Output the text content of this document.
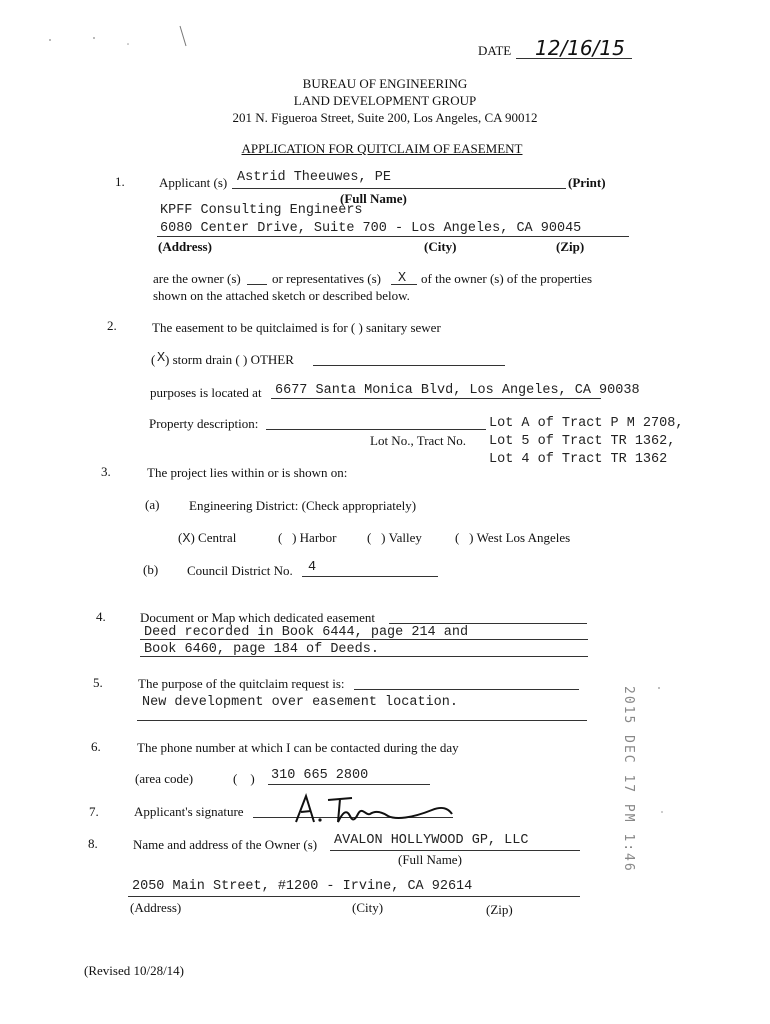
DATE 12/16/15
BUREAU OF ENGINEERING
LAND DEVELOPMENT GROUP
201 N. Figueroa Street, Suite 200, Los Angeles, CA 90012
APPLICATION FOR QUITCLAIM OF EASEMENT
1.	Applicant (s) Astrid Theeuwes, PE	(Print)
(Full Name)
KPFF Consulting Engineers
6080 Center Drive, Suite 700 - Los Angeles, CA 90045
(Address)	(City)	(Zip)
are the owner (s) or representatives (s) X of the owner (s) of the properties
shown on the attached sketch or described below.
2.	The easement to be quitclaimed is for ( ) sanitary sewer
( X ) storm drain ( ) OTHER
purposes is located at 6677 Santa Monica Blvd, Los Angeles, CA 90038
Property description:
Lot No., Tract No.
Lot A of Tract P M 2708,
Lot 5 of Tract TR 1362,
Lot 4 of Tract TR 1362
3.	The project lies within or is shown on:
(a) Engineering District: (Check appropriately)
(X) Central	(   ) Harbor (   ) Valley	(   ) West Los Angeles
(b) Council District No. 4
4.	Document or Map which dedicated easement
Deed recorded in Book 6444, page 214 and
Book 6460, page 184 of Deeds.
5.	The purpose of the quitclaim request is:
New development over easement location.
6.	The phone number at which I can be contacted during the day
(area code)	(    ) 310 665 2800
7.	Applicant's signature
8.	Name and address of the Owner (s) AVALON HOLLYWOOD GP, LLC
(Full Name)
2050 Main Street, #1200 - Irvine, CA 92614
(Address)	(City)	(Zip)
(Revised 10/28/14)
2015 DEC 17 PM 1:46
